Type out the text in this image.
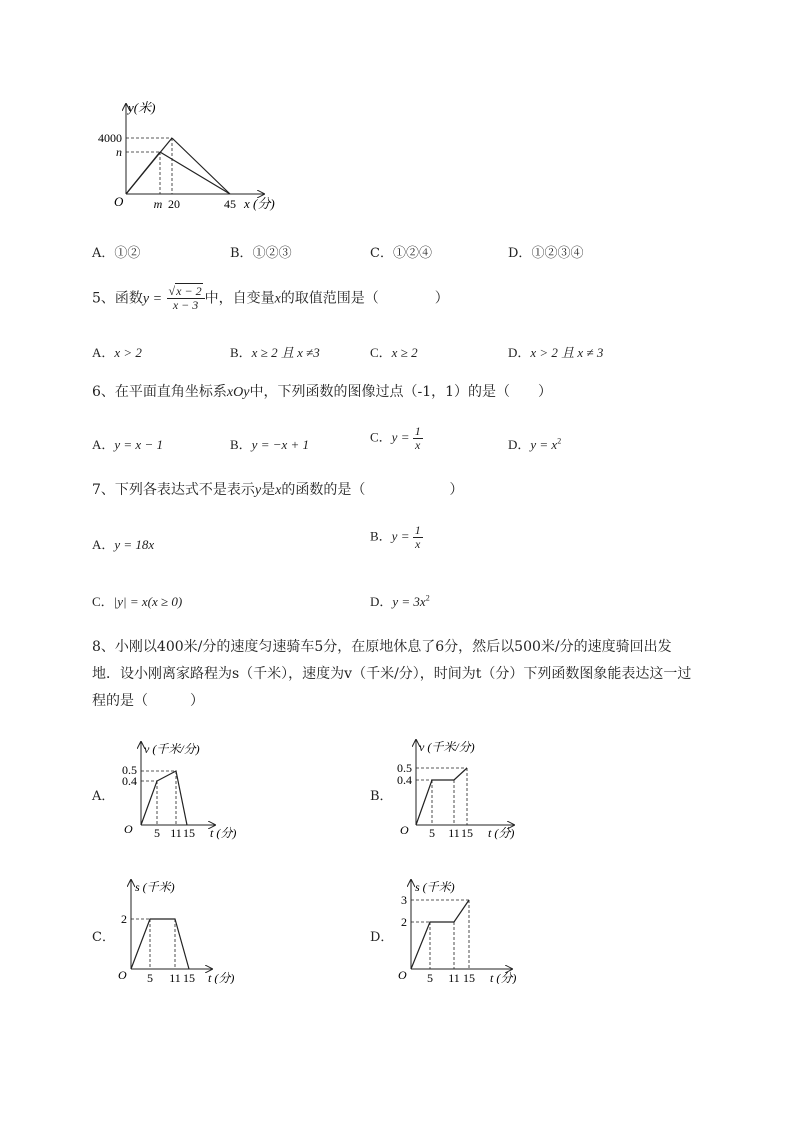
y(米)
4000
n
O	m 20	45 x (分)
A．①②	B．①②③	C．①②④	D．①②③④
5、函数$y = \frac{√x - 2}{x - 3}$ 中，自变量x的取值范围是（　　　　）
A．x > 2	B．x ≥ 2 且 x ≠3	C．x ≥ 2	D．x > 2 且 x ≠ 3
6、在平面直角坐标系xOy中，下列函数的图像过点（-1，1）的是（　　）
A．y = x − 1	B．y = −x + 1
C．$y = \frac{1}{x}$	D．$y = x^2$
7、下列各表达式不是表示y是x的函数的是（　　　　　　）
A．y = 18x
B．$y = \frac{1}{x}$
C．|y| = x(x ≥ 0)	D．$y = 3x^2$
8、小刚以400米/分的速度匀速骑车5分，在原地休息了6分，然后以500米/分的速度骑回出发
地．设小刚离家路程为s（千米），速度为v（千米/分），时间为t（分）下列函数图象能表达这一过
程的是（　　　）
A．
v (千米/分)
0.5
0.4
O 5 11 15 t (分)
B．
v (千米/分)
0.5
0.4
O 5 11 15 t (分)
C．
s (千米)
2
O 5 11 15 t (分)
D．
s (千米)
3
2
O 5 11 15 t (分)
